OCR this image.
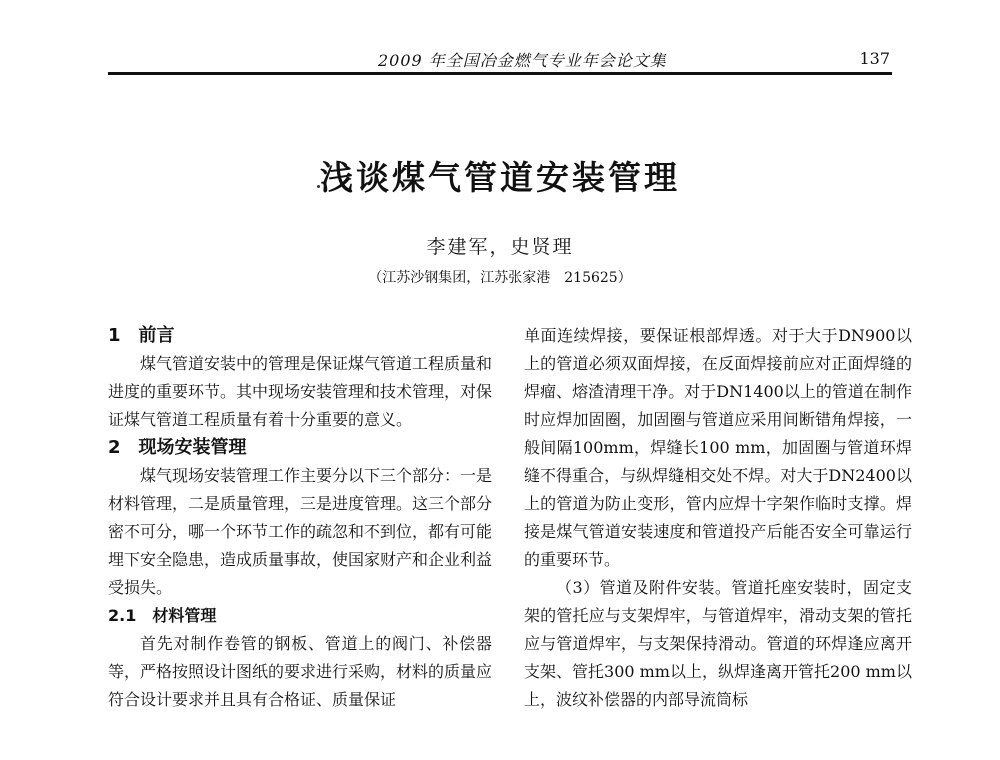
2009 年全国冶金燃气专业年会论文集	137
浅谈煤气管道安装管理
李建军，史贤理
（江苏沙钢集团，江苏张家港　215625）
1　前言

煤气管道安装中的管理是保证煤气管道工程质量和进度的重要环节。其中现场安装管理和技术管理，对保证煤气管道工程质量有着十分重要的意义。

2　现场安装管理

煤气现场安装管理工作主要分以下三个部分：一是材料管理，二是质量管理，三是进度管理。这三个部分密不可分，哪一个环节工作的疏忽和不到位，都有可能埋下安全隐患，造成质量事故，使国家财产和企业利益受损失。

2.1　材料管理

首先对制作卷管的钢板、管道上的阀门、补偿器等，严格按照设计图纸的要求进行采购，材料的质量应符合设计要求并且具有合格证、质量保证

单面连续焊接，要保证根部焊透。对于大于DN900以上的管道必须双面焊接，在反面焊接前应对正面焊缝的焊瘤、熔渣清理干净。对于DN1400以上的管道在制作时应焊加固圈，加固圈与管道应采用间断错角焊接，一般间隔100mm，焊缝长100 mm，加固圈与管道环焊缝不得重合，与纵焊缝相交处不焊。对大于DN2400以上的管道为防止变形，管内应焊十字架作临时支撑。焊接是煤气管道安装速度和管道投产后能否安全可靠运行的重要环节。

（3）管道及附件安装。管道托座安装时，固定支架的管托应与支架焊牢，与管道焊牢，滑动支架的管托应与管道焊牢，与支架保持滑动。管道的环焊逢应离开支架、管托300 mm以上，纵焊逢离开管托200 mm以上，波纹补偿器的内部导流筒标
